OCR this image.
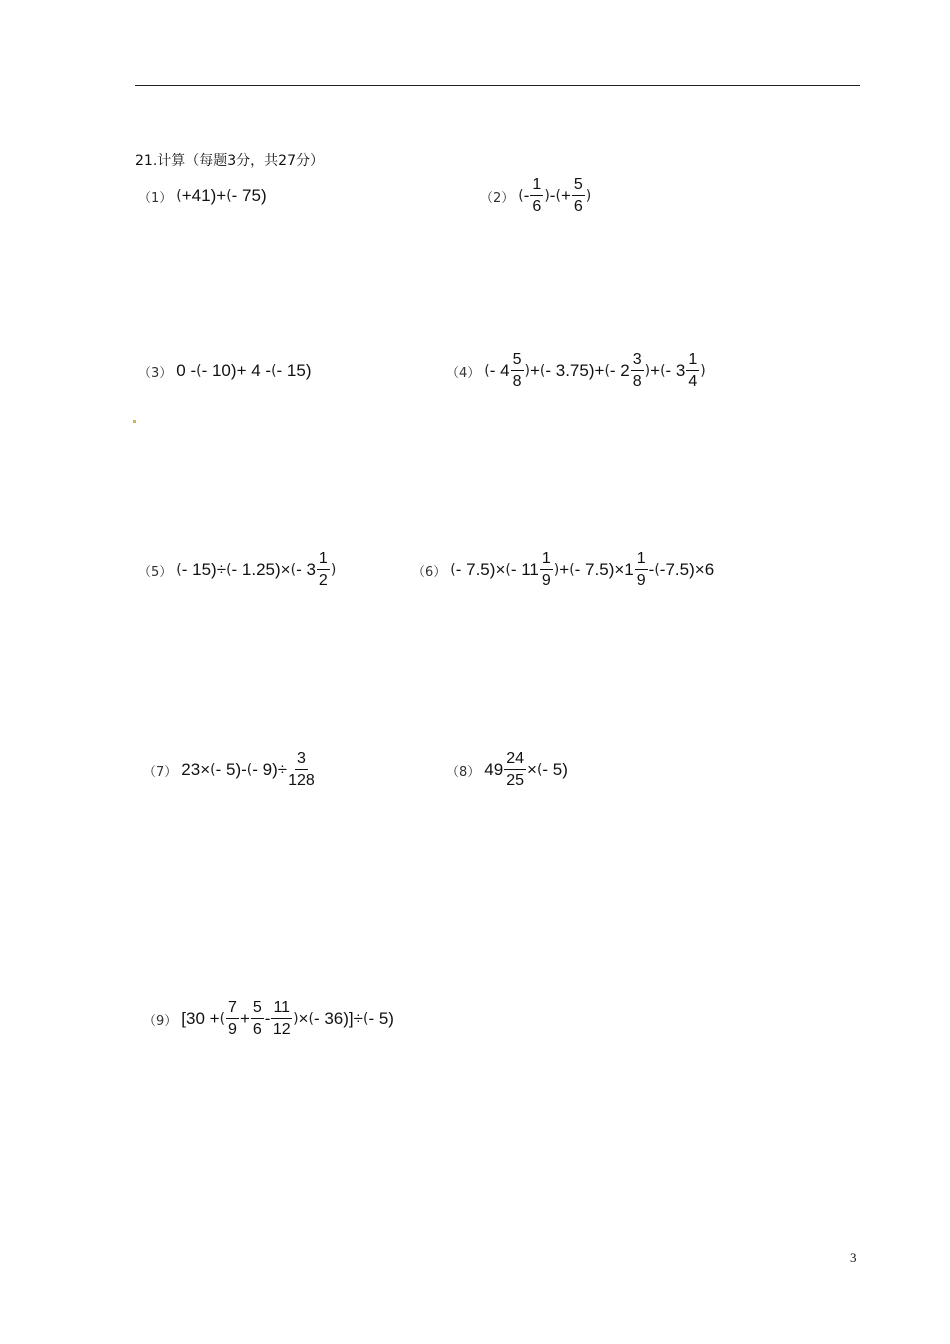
21.计算（每题3分，共27分）
（1） ( +41) + ( - 75)	（2） ( - $\frac{1}{6}$ ) - ( + $\frac{5}{6}$ )
（3） 0 - ( - 10) + 4 - ( - 15)	（4） ( - $4 \frac{5}{8}$ ) + ( - 3.75) + ( - $2 \frac{3}{8}$ ) + ( - $3 \frac{1}{4}$ )
（5） ( - 15) ÷ ( - 1.25) × ( - $3 \frac{1}{2}$ )	（6） ( - 7.5) × ( - $11 \frac{1}{9}$ ) + ( - $7.5) \times 1 \frac{1}{9}$ - ( -7.5) ×6
（7） 23 × ( - 5) - ( - $9) \div \frac{3}{128}$	（8） $49 \frac{24}{25}$ × ( - 5)
（9） [30 + ( $\frac{7}{9} + \frac{5}{6} - \frac{11}{12}$ ) × ( - 36)] ÷ ( - 5)
3
